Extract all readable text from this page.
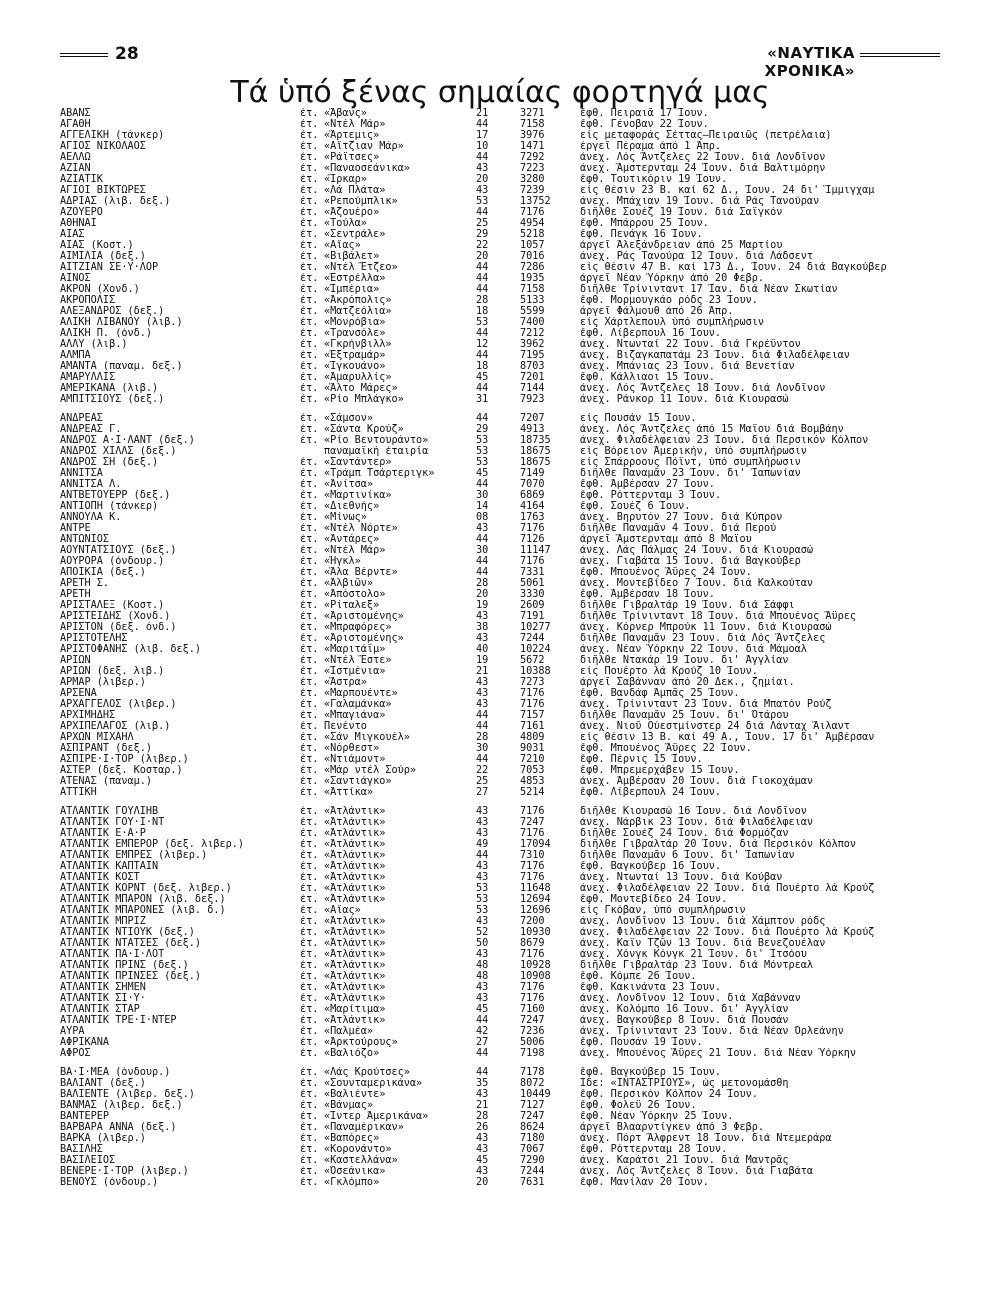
28	«ΝΑΥΤΙΚΑ ΧΡΟΝΙΚΑ»
Τά ὑπό ξένας σημαίας φορτηγά μας
ΑΒΑΝΣ	ἐτ. «Ἄβανς»	21	3271	ἔφθ. Πειραιᾶ 17 Ἰουν.
ΑΓΑΘΗ	ἐτ. «Ντέλ Μάρ»	44	7158	ἔφθ. Γένοβαν 22 Ἰουν.
ΑΓΓΕΛΙΚΗ (τάνκερ)	ἐτ. «Ἄρτεμις»	17	3976	εἰς μεταφοράς Σέττας—Πειραιῶς (πετρέλαια)
ΑΓΙΟΣ ΝΙΚΟΛΑΟΣ	ἐτ. «Αἴτζιαν Μάρ»	10	1471	ἐργεῖ Πέραμα ἀπό 1 Ἀπρ.
ΑΕΛΛΩ	ἐτ. «Ράϊτσες»	44	7292	ἀνεχ. Λός Ἄντζελες 22 Ἰουν. διά Λονδῖνον
ΑΖΙΑΝ	ἐτ. «Παναοσεάνικα»	43	7223	ἀνεχ. Ἄμστερνταμ 24 Ἰουν. διά Βαλτιμόρην
ΑΖΙΑΤΙΚ	ἐτ. «Ἴρκαρ»	20	3280	ἔφθ. Τουτικόριν 19 Ἰουν.
ΑΓΙΟΙ ΒΙΚΤΩΡΕΣ	ἐτ. «Λά Πλάτα»	43	7239	εἰς θέσιν 23 Β. καί 62 Δ., Ἰουν. 24 δι' Ἵμμιγχαμ
ΑΔΡΙΑΣ (λιβ. δεξ.)	ἐτ. «Ρεπούμπλικ»	53	13752	ἀνεχ. Μπάχιαν 19 Ἰουν. διά Ράς Τανούραν
ΑΖΟΥΕΡΟ	ἐτ. «Ἀζουέρο»	44	7176	διῆλθε Σουέζ 19 Ἰουν. διά Σαϊγκόν
ΑΘΗΝΑΙ	ἐτ. «Τούλα»	25	4954	ἔφθ. Μπάρρου 25 Ἰουν.
ΑΙΑΣ	ἐτ. «Σεντράλε»	29	5218	ἔφθ. Πενάγκ 16 Ἰουν.
ΑΙΑΣ (Κοστ.)	ἐτ. «Αἴας»	22	1057	ἀργεῖ Ἀλεξάνδρειαν ἀπό 25 Μαρτίου
ΑΙΜΙΛΙΑ (δεξ.)	ἐτ. «Βιβάλετ»	20	7016	ἀνεχ. Ράς Τανούρα 12 Ἰουν. διά Λάδσεντ
ΑΙΤΖΙΑΝ ΣΕ·Υ·ΛΟΡ	ἐτ. «Ντέλ Ἔτζεο»	44	7286	εἰς θέσιν 47 Β. καί 173 Δ., Ἰουν. 24 διά Βαγκούβερ
ΑΙΝΟΣ	ἐτ. «Ἐστρέλλα»	44	1935	ἀργεῖ Νέαν Ὑόρκην ἀπό 20 Φεβρ.
ΑΚΡΟΝ (Χονδ.)	ἐτ. «Ἰμπέρια»	44	7158	διῆλθε Τρίνινταντ 17 Ἰαν. διά Νέαν Σκωτίαν
ΑΚΡΟΠΟΛΙΣ	ἐτ. «Ἀκρόπολις»	28	5133	ἔφθ. Μορμουγκάο ρόδς 23 Ἰουν.
ΑΛΕΞΑΝΔΡΟΣ (δεξ.)	ἐτ. «Ματζεόλια»	18	5599	ἀργεῖ Φάλμουθ ἀπό 26 Ἀπρ.
ΑΛΙΚΗ ΛΙΒΑΝΟΥ (λιβ.)	ἐτ. «Μονρόβια»	53	7400	εἰς Χάρτλεπουλ ὑπό συμπλήρωσιν
ΑΛΙΚΗ Π. (ὀνδ.)	ἐτ. «Τρανσόλε»	44	7212	ἔφθ. Λίβερπουλ 16 Ἰουν.
ΑΛΛΥ (λιβ.)	ἐτ. «Γκρήνβιλλ»	12	3962	ἀνεχ. Ντωνταί 22 Ἰουν. διά Γκρέϋντον
ΑΛΜΠΑ	ἐτ. «Ἐξτραμάρ»	44	7195	ἀνεχ. Βιζαγκαπατάμ 23 Ἰουν. διά Φιλαδέλφειαν
ΑΜΑΝΤΑ (παναμ. δεξ.)	ἐτ. «Ἰγκουάνο»	18	8703	ἀνεχ. Μπάνιας 23 Ἰουν. διά Βενετίαν
ΑΜΑΡΥΛΛΙΣ	ἐτ. «Ἀμαρυλλίς»	45	7201	ἔφθ. Κάλλιαοι 15 Ἰουν.
ΑΜΕΡΙΚΑΝΑ (λιβ.)	ἐτ. «Ἄλτο Μάρες»	44	7144	ἀνεχ. Λός Ἄντζελες 18 Ἰουν. διά Λονδῖνον
ΑΜΠΙΤΣΙΟΥΣ (δεξ.)	ἐτ. «Ρίο Μπλάγκο»	31	7923	ἀνεχ. Ράνκορ 11 Ἰουν. διά Κιουρασώ
ΑΝΔΡΕΑΣ	ἐτ. «Σάμσον»	44	7207	εἰς Πουσάν 15 Ἰουν.
ΑΝΔΡΕΑΣ Γ.	ἐτ. «Σάντα Κρούζ»	29	4913	ἀνεχ. Λός Ἄντζελες ἀπό 15 Μαΐου διά Βομβάην
ΑΝΔΡΟΣ Α·Ι·ΛΑΝΤ (δεξ.)	ἐτ. «Ρίο Βεντουράντο»	53	18735	ἀνεχ. Φιλαδέλφειαν 23 Ἰουν. διά Περσικόν Κόλπον
ΑΝΔΡΟΣ ΧΙΛΛΣ (δεξ.)	παναμαϊκή ἑταιρία	53	18675	εἰς Βόρειον Ἀμερικήν, ὑπό συμπλήρωσιν
ΑΝΔΡΟΣ ΣΗ (δεξ.)	ἐτ. «Σαντάντερ»	53	18675	εἰς Σπάρροους Πόϊντ, ὑπό συμπλήρωσιν
ΑΝΝΙΤΣΑ	ἐτ. «Τράμπ Τσάρτεριγκ»	45	7149	διῆλθε Παναμᾶν 23 Ἰουν. δι' Ἰαπωνίαν
ΑΝΝΙΤΣΑ Λ.	ἐτ. «Ἀνίτσα»	44	7070	ἔφθ. Ἀμβέρσαν 27 Ἰουν.
ΑΝΤΒΕΤΟΥΕΡΡ (δεξ.)	ἐτ. «Μαρτινίκα»	30	6869	ἔφθ. Ρόττερνταμ 3 Ἰουν.
ΑΝΤΙΟΠΗ (τάνκερ)	ἐτ. «Διεθνής»	14	4164	ἔφθ. Σουέζ 6 Ἰουν.
ΑΝΝΟΥΛΑ Κ.	ἐτ. «Μίνως»	08	1763	ἀνεχ. Βηρυτόν 27 Ἰουν. διά Κύπρον
ΑΝΤΡΕ	ἐτ. «Ντέλ Νόρτε»	43	7176	διῆλθε Παναμᾶν 4 Ἰουν. διά Περού
ΑΝΤΩΝΙΟΣ	ἐτ. «Ἀντάρες»	44	7126	ἀργεῖ Ἄμστερνταμ ἀπό 8 Μαΐου
ΑΟΥΝΤΑΤΣΙΟΥΣ (δεξ.)	ἐτ. «Ντέλ Μάρ»	30	11147	ἀνεχ. Λάς Πάλμας 24 Ἰουν. διά Κιουρασώ
ΑΟΥΡΟΡΑ (ὀνδουρ.)	ἐτ. «Ἦγκλ»	44	7176	ἀνεχ. Γιαβάτα 15 Ἰουν. διά Βαγκούβερ
ΑΠΟΙΚΙΑ (δεξ.)	ἐτ. «Ἄλα Βέρντε»	44	7331	ἔφθ. Μπουένος Ἄϋρες 24 Ἰουν.
ΑΡΕΤΗ Σ.	ἐτ. «Ἀλβιῶν»	28	5061	ἀνεχ. Μοντεβίδεο 7 Ἰουν. διά Καλκούταν
ΑΡΕΤΗ	ἐτ. «Ἀπόστολο»	20	3330	ἔφθ. Ἀμβέρσαν 18 Ἰουν.
ΑΡΙΣΤΑΛΕΞ (Κοστ.)	ἐτ. «Ρίταλεξ»	19	2609	διῆλθε Γιβραλτάρ 19 Ἰουν. διά Σάφφι
ΑΡΙΣΤΕΙΔΗΣ (Χονδ.)	ἐτ. «Ἀριστομένης»	43	7191	διῆλθε Τρίνινταντ 18 Ἰουν. διά Μπουένος Ἄϋρες
ΑΡΙΣΤΟΝ (δεξ. ὀνδ.)	ἐτ. «Μπραφόρες»	38	10277	ἀνεχ. Κόρνερ Μπρούκ 11 Ἰουν. διά Κιουρασώ
ΑΡΙΣΤΟΤΕΛΗΣ	ἐτ. «Ἀριστομένης»	43	7244	διῆλθε Παναμᾶν 23 Ἰουν. διά Λός Ἄντζελες
ΑΡΙΣΤΟΦΑΝΗΣ (λιβ. δεξ.)	ἐτ. «Μαριτάϊμ»	40	10224	ἀνεχ. Νέαν Ὑόρκην 22 Ἰουν. διά Μάμοαλ
ΑΡΙΩΝ	ἐτ. «Ντέλ Ἔστε»	19	5672	διῆλθε Ντακάρ 19 Ἰουν. δι' Ἀγγλίαν
ΑΡΙΩΝ (δεξ. λιβ.)	ἐτ. «Ἰστμένια»	21	10388	εἰς Πουέρτο λά Κρούζ 10 Ἰουν.
ΑΡΜΑΡ (λιβερ.)	ἐτ. «Ἄστρα»	43	7273	ἀργεῖ Σαβάνναν ἀπό 20 Δεκ., ζημίαι.
ΑΡΣΕΝΑ	ἐτ. «Μαρπουέντε»	43	7176	ἔφθ. Βανδάφ Ἀμπᾶς 25 Ἰουν.
ΑΡΧΑΓΓΕΛΟΣ (λιβερ.)	ἐτ. «Γαλαμάνκα»	43	7176	ἀνεχ. Τρίνινταντ 23 Ἰουν. διά Μπατόν Ρούζ
ΑΡΧΙΜΗΔΗΣ	ἐτ. «Μπαγιάνα»	44	7157	διῆλθε Παναμᾶν 25 Ἰουν. δι' Ὀτάρου
ΑΡΧΙΠΕΛΑΓΟΣ (λιβ.)	ἐτ. Πενέντο	44	7161	ἀνεχ. Νιοῦ Οὐεστμίνστερ 24 διά Λάνταχ Ἄιλαντ
ΑΡΧΩΝ ΜΙΧΑΗΛ	ἐτ. «Σάν Μιγκουέλ»	28	4809	εἰς θέσιν 13 Β. καί 49 Α., Ἰουν. 17 δι' Ἀμβέρσαν
ΑΣΠΙΡΑΝΤ (δεξ.)	ἐτ. «Νόρθεστ»	30	9031	ἔφθ. Μπουένος Ἄϋρες 22 Ἰουν.
ΑΣΠΙΡΕ·Ι·ΤΟΡ (λιβερ.)	ἐτ. «Ντιάμοντ»	44	7210	ἔφθ. Πέρνις 15 Ἰουν.
ΑΣΤΕΡ (δεξ. Κοσταρ.)	ἐτ. «Μάρ ντέλ Σούρ»	22	7053	ἔφθ. Μπρεμερχάβεν 15 Ἰουν.
ΑΤΕΝΑΣ (παναμ.)	ἐτ. «Σαντιάγκο»	25	4853	ἀνεχ. Ἀμβέρσαν 20 Ἰουν. διά Γιοκοχάμαν
ΑΤΤΙΚΗ	ἐτ. «Ἀττίκα»	27	5214	ἔφθ. Λίβερπουλ 24 Ἰουν.
ΑΤΛΑΝΤΙΚ ΓΟΥΛΙΗΒ	ἐτ. «Ἀτλάντικ»	43	7176	διῆλθε Κιουρασώ 16 Ἰουν. διά Λονδῖνον
ΑΤΛΑΝΤΙΚ ΓΟΥ·Ι·ΝΤ	ἐτ. «Ἀτλάντικ»	43	7247	ἀνεχ. Νάρβικ 23 Ἰουν. διά Φιλαδέλφειαν
ΑΤΛΑΝΤΙΚ Ε·Α·Ρ	ἐτ. «Ἀτλάντικ»	43	7176	διῆλθε Σουέζ 24 Ἰουν. διά Φορμόζαν
ΑΤΛΑΝΤΙΚ ΕΜΠΕΡΟΡ (δεξ. λιβερ.)	ἐτ. «Ἀτλάντικ»	49	17094	διῆλθε Γιβραλτάρ 20 Ἰουν. διά Περσικόν Κόλπον
ΑΤΛΑΝΤΙΚ ΕΜΠΡΕΣ (λιβερ.)	ἐτ. «Ἀτλάντικ»	44	7310	διῆλθε Παναμᾶν 6 Ἰουν. δι' Ἰαπωνίαν
ΑΤΛΑΝΤΙΚ ΚΑΠΤΑΙΝ	ἐτ. «Ἀτλάντικ»	43	7176	ἔφθ. Βαγκούβερ 16 Ἰουν.
ΑΤΛΑΝΤΙΚ ΚΟΣΤ	ἐτ. «Ἀτλάντικ»	43	7176	ἀνεχ. Ντωνταί 13 Ἰουν. διά Κούβαν
ΑΤΛΑΝΤΙΚ ΚΟΡΝΤ (δεξ. λιβερ.)	ἐτ. «Ἀτλάντικ»	53	11648	ἀνεχ. Φιλαδέλφειαν 22 Ἰουν. διά Πουέρτο λά Κρούζ
ΑΤΛΑΝΤΙΚ ΜΠΑΡΟΝ (λιβ. δεξ.)	ἐτ. «Ἀτλάντικ»	53	12694	ἔφθ. Μοντεβίδεο 24 Ἰουν.
ΑΤΛΑΝΤΙΚ ΜΠΑΡΟΝΕΣ (λιβ. δ.)	ἐτ. «Αἴας»	53	12696	εἰς Γκόβαν, ὑπό συμπλήρωσιν
ΑΤΛΑΝΤΙΚ ΜΠΡΙΖ	ἐτ. «Ἀτλάντικ»	43	7200	ἀνεχ. Λονδῖνον 13 Ἰουν. διά Χάμπτον ρόδς
ΑΤΛΑΝΤΙΚ ΝΤΙΟΥΚ (δεξ.)	ἐτ. «Ἀτλάντικ»	52	10930	ἀνεχ. Φιλαδέλφειαν 22 Ἰουν. διά Πουέρτο λά Κρούζ
ΑΤΛΑΝΤΙΚ ΝΤΑΤΣΕΣ (δεξ.)	ἐτ. «Ἀτλάντικ»	50	8679	ἀνεχ. Καϊν Τζῶν 13 Ἰουν. διά Βενεζουέλαν
ΑΤΛΑΝΤΙΚ ΠΑ·Ι·ΛΟΤ	ἐτ. «Ἀτλάντικ»	43	7176	ἀνεχ. Χόνγκ Κόνγκ 21 Ἰουν. δι' Ἰτσόου
ΑΤΛΑΝΤΙΚ ΠΡΙΝΣ (δεξ.)	ἐτ. «Ἀτλάντικ»	48	10928	διῆλθε Γιβραλτάρ 23 Ἰουν. διά Μόντρεαλ
ΑΤΛΑΝΤΙΚ ΠΡΙΝΣΕΣ (δεξ.)	ἐτ. «Ἀτλάντικ»	48	10908	ἔφθ. Κόμπε 26 Ἰουν.
ΑΤΛΑΝΤΙΚ ΣΗΜΕΝ	ἐτ. «Ἀτλάντικ»	43	7176	ἔφθ. Κακινάντα 23 Ἰουν.
ΑΤΛΑΝΤΙΚ ΣΙ·Υ·	ἐτ. «Ἀτλάντικ»	43	7176	ἀνεχ. Λονδῖνον 12 Ἰουν. διά Χαβάνναν
ΑΤΛΑΝΤΙΚ ΣΤΑΡ	ἐτ. «Μαρίτιμα»	45	7160	ἀνεχ. Κολόμπο 16 Ἰουν. δι' Ἀγγλίαν
ΑΤΛΑΝΤΙΚ ΤΡΕ·Ι·ΝΤΕΡ	ἐτ. «Ἀτλάντικ»	44	7247	ἀνεχ. Βαγκούβερ 8 Ἰουν. διά Πουσάν
ΑΥΡΑ	ἐτ. «Παλμέα»	42	7236	ἀνεχ. Τρίνινταντ 23 Ἰουν. διά Νέαν Ὀρλεάνην
ΑΦΡΙΚΑΝΑ	ἐτ. «Ἀρκτούρους»	27	5006	ἔφθ. Πουσάν 19 Ἰουν.
ΑΦΡΟΣ	ἐτ. «Βαλιόζο»	44	7198	ἀνεχ. Μπουένος Ἄϋρες 21 Ἰουν. διά Νέαν Ὑόρκην
ΒΑ·Ι·ΜΕΑ (ὀνδουρ.)	ἐτ. «Λάς Κρούτσες»	44	7178	ἔφθ. Βαγκούβερ 15 Ἰουν.
ΒΑΛΙΑΝΤ (δεξ.)	ἐτ. «Σουνταμερικάνα»	35	8072	Ἴδε: «ΙΝΤΑΣΤΡΙΟΥΣ», ὡς μετονομάσθη
ΒΑΛΙΕΝΤΕ (λιβερ. δεξ.)	ἐτ. «Βαλιέντε»	43	10449	ἔφθ. Περσικόν Κόλπον 24 Ἰουν.
ΒΑΝΜΑΣ (λιβερ. δεξ.)	ἐτ. «Βάνμας»	21	7127	ἔφθ. Φολεϋ 26 Ἰουν.
ΒΑΝΤΕΡΕΡ	ἐτ. «Ἰντερ Ἀμερικάνα»	28	7247	ἔφθ. Νέαν Ὑόρκην 25 Ἰουν.
ΒΑΡΒΑΡΑ ΑΝΝΑ (δεξ.)	ἐτ. «Παναμέρικαν»	26	8624	ἀργεῖ Βλααρντίγκεν ἀπό 3 Φεβρ.
ΒΑΡΚΑ (λιβερ.)	ἐτ. «Βαπόρες»	43	7180	ἀνεχ. Πόρτ Ἄλφρεντ 18 Ἰουν. διά Ντεμεράρα
ΒΑΣΙΛΗΣ	ἐτ. «Κορονάντο»	43	7067	ἔφθ. Ρόττερνταμ 28 Ἰουν.
ΒΑΣΙΛΕΙΟΣ	ἐτ. «Καστελλάνα»	45	7290	ἀνεχ. Καράτσι 21 Ἰουν. διά Μαντρᾶς
ΒΕΝΕΡΕ·Ι·ΤΟΡ (λιβερ.)	ἐτ. «Ὀσεάνικα»	43	7244	ἀνεχ. Λός Ἄντζελες 8 Ἰουν. διά Γιαβάτα
ΒΕΝΟΥΣ (ὀνδουρ.)	ἐτ. «Γκλόμπο»	20	7631	ἔφθ. Μανίλαν 20 Ἰουν.
